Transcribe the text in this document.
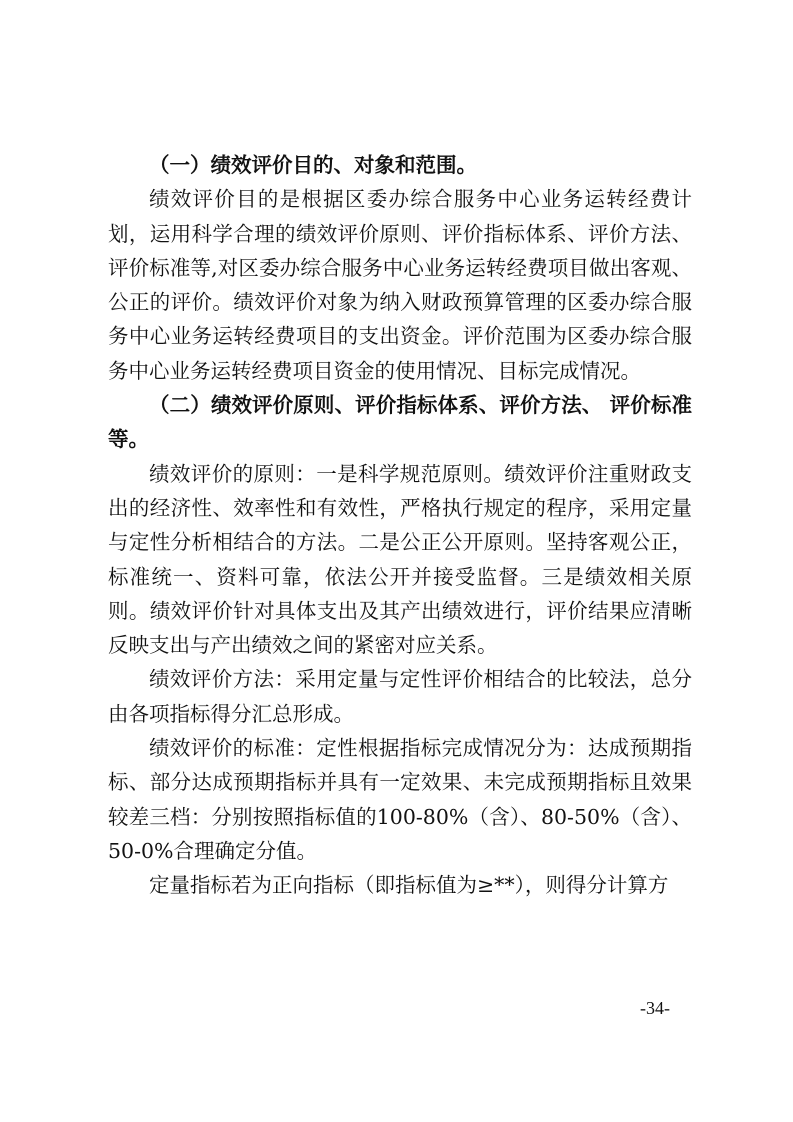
（一）绩效评价目的、对象和范围。

绩效评价目的是根据区委办综合服务中心业务运转经费计划，运用科学合理的绩效评价原则、评价指标体系、评价方法、评价标准等,对区委办综合服务中心业务运转经费项目做出客观、公正的评价。绩效评价对象为纳入财政预算管理的区委办综合服务中心业务运转经费项目的支出资金。评价范围为区委办综合服务中心业务运转经费项目资金的使用情况、目标完成情况。

（二）绩效评价原则、评价指标体系、评价方法、 评价标准等。

绩效评价的原则：一是科学规范原则。绩效评价注重财政支出的经济性、效率性和有效性，严格执行规定的程序，采用定量与定性分析相结合的方法。二是公正公开原则。坚持客观公正，标准统一、资料可靠，依法公开并接受监督。三是绩效相关原则。绩效评价针对具体支出及其产出绩效进行，评价结果应清晰反映支出与产出绩效之间的紧密对应关系。

绩效评价方法：采用定量与定性评价相结合的比较法，总分由各项指标得分汇总形成。

绩效评价的标准：定性根据指标完成情况分为：达成预期指标、部分达成预期指标并具有一定效果、未完成预期指标且效果较差三档：分别按照指标值的100-80%（含）、80-50%（含）、50-0%合理确定分值。

定量指标若为正向指标（即指标值为≥**），则得分计算方

-34-
